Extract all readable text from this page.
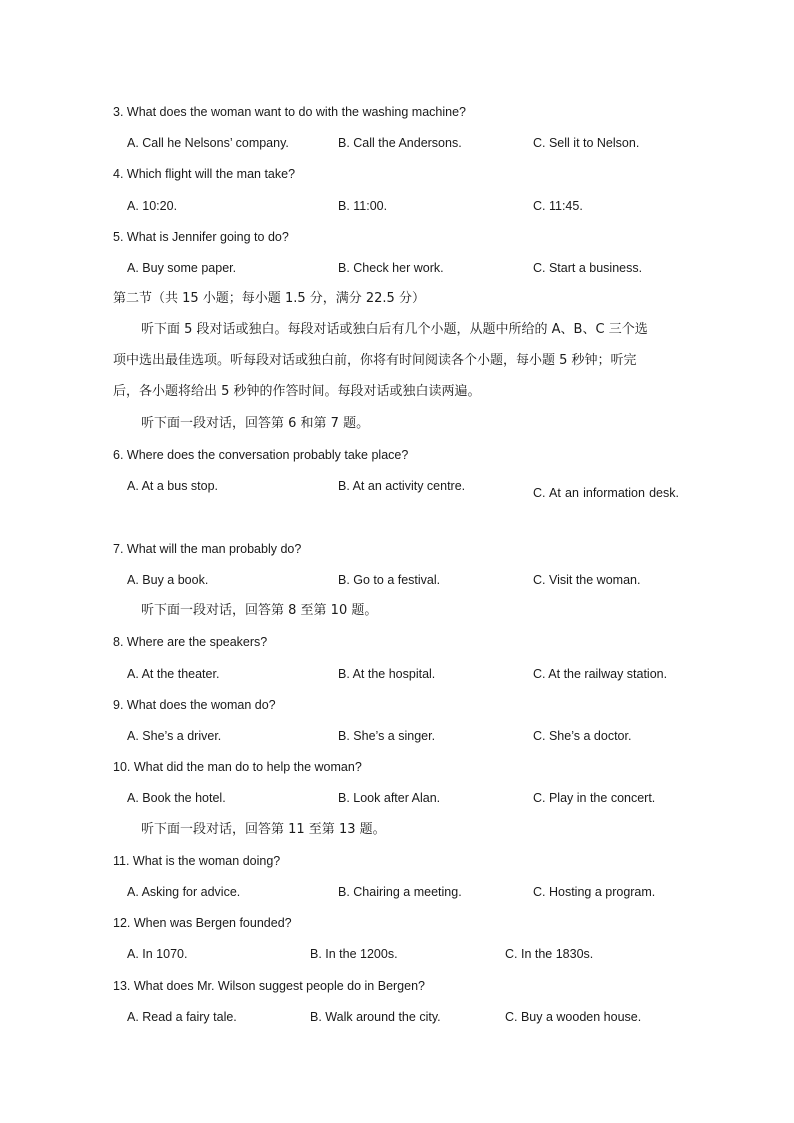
3. What does the woman want to do with the washing machine?
A. Call he Nelsons’ company.	B. Call the Andersons.	C. Sell it to Nelson.
4. Which flight will the man take?
A. 10:20.	B. 11:00.	C. 11:45.
5. What is Jennifer going to do?
A. Buy some paper.	B. Check her work.	C. Start a business.
第二节（共 15 小题；每小题 1.5 分，满分 22.5 分）
听下面 5 段对话或独白。每段对话或独白后有几个小题，从题中所给的 A、B、C 三个选
项中选出最佳选项。听每段对话或独白前，你将有时间阅读各个小题，每小题 5 秒钟；听完
后，各小题将给出 5 秒钟的作答时间。每段对话或独白读两遍。
听下面一段对话，回答第 6 和第 7 题。
6. Where does the conversation probably take place?
A. At a bus stop.	B. At an activity centre.	C. At an information desk.
7. What will the man probably do?
A. Buy a book.	B. Go to a festival.	C. Visit the woman.
听下面一段对话，回答第 8 至第 10 题。
8. Where are the speakers?
A. At the theater.	B. At the hospital.	C. At the railway station.
9. What does the woman do?
A. She’s a driver.	B. She’s a singer.	C. She’s a doctor.
10. What did the man do to help the woman?
A. Book the hotel.	B. Look after Alan.	C. Play in the concert.
听下面一段对话，回答第 11 至第 13 题。
11. What is the woman doing?
A. Asking for advice.	B. Chairing a meeting.	C. Hosting a program.
12. When was Bergen founded?
A. In 1070.	B. In the 1200s.	C. In the 1830s.
13. What does Mr. Wilson suggest people do in Bergen?
A. Read a fairy tale.	B. Walk around the city.	C. Buy a wooden house.
